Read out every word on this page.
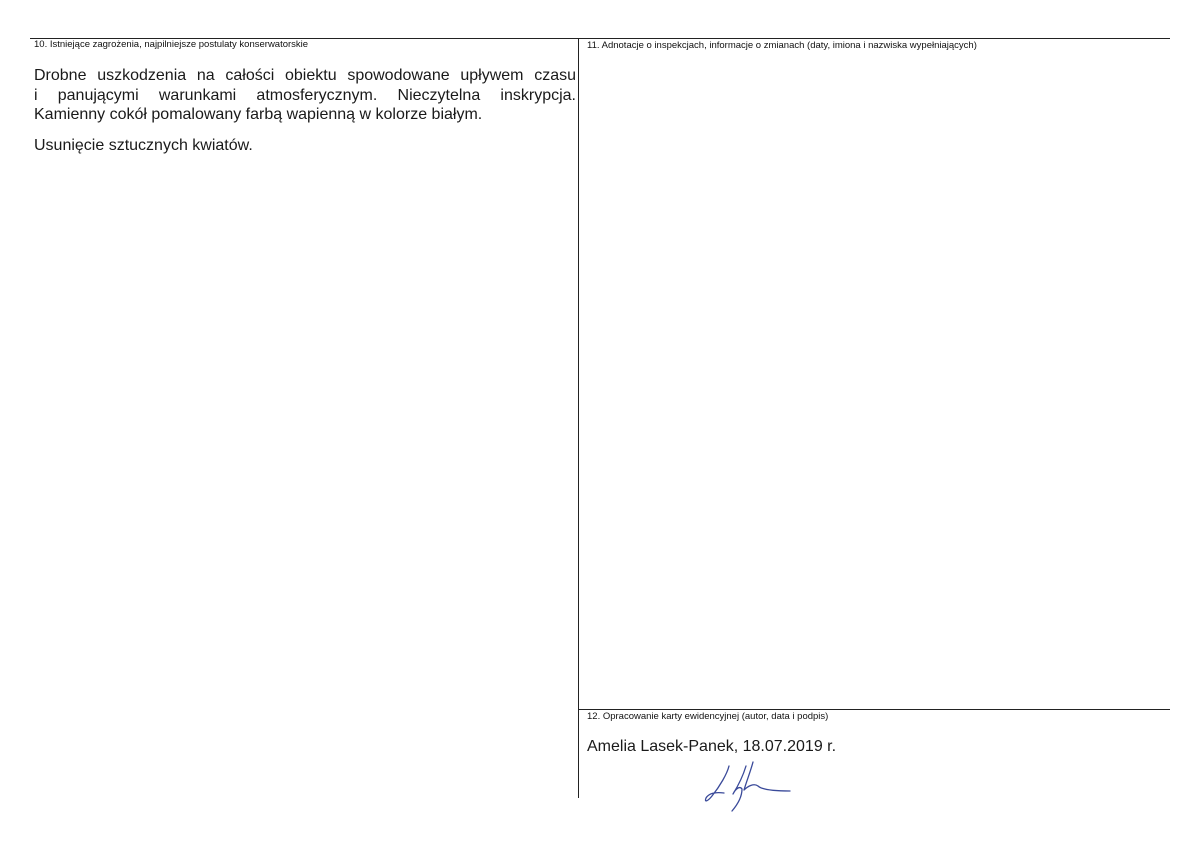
10. Istniejące zagrożenia, najpilniejsze postulaty konserwatorskie

Drobne uszkodzenia na całości obiektu spowodowane upływem czasu

i panującymi warunkami atmosferycznym. Nieczytelna inskrypcja.

Kamienny cokół pomalowany farbą wapienną w kolorze białym.

Usunięcie sztucznych kwiatów.
11. Adnotacje o inspekcjach, informacje o zmianach (daty, imiona i nazwiska wypełniających)
12. Opracowanie karty ewidencyjnej (autor, data i podpis)
Amelia Lasek-Panek, 18.07.2019 r.
